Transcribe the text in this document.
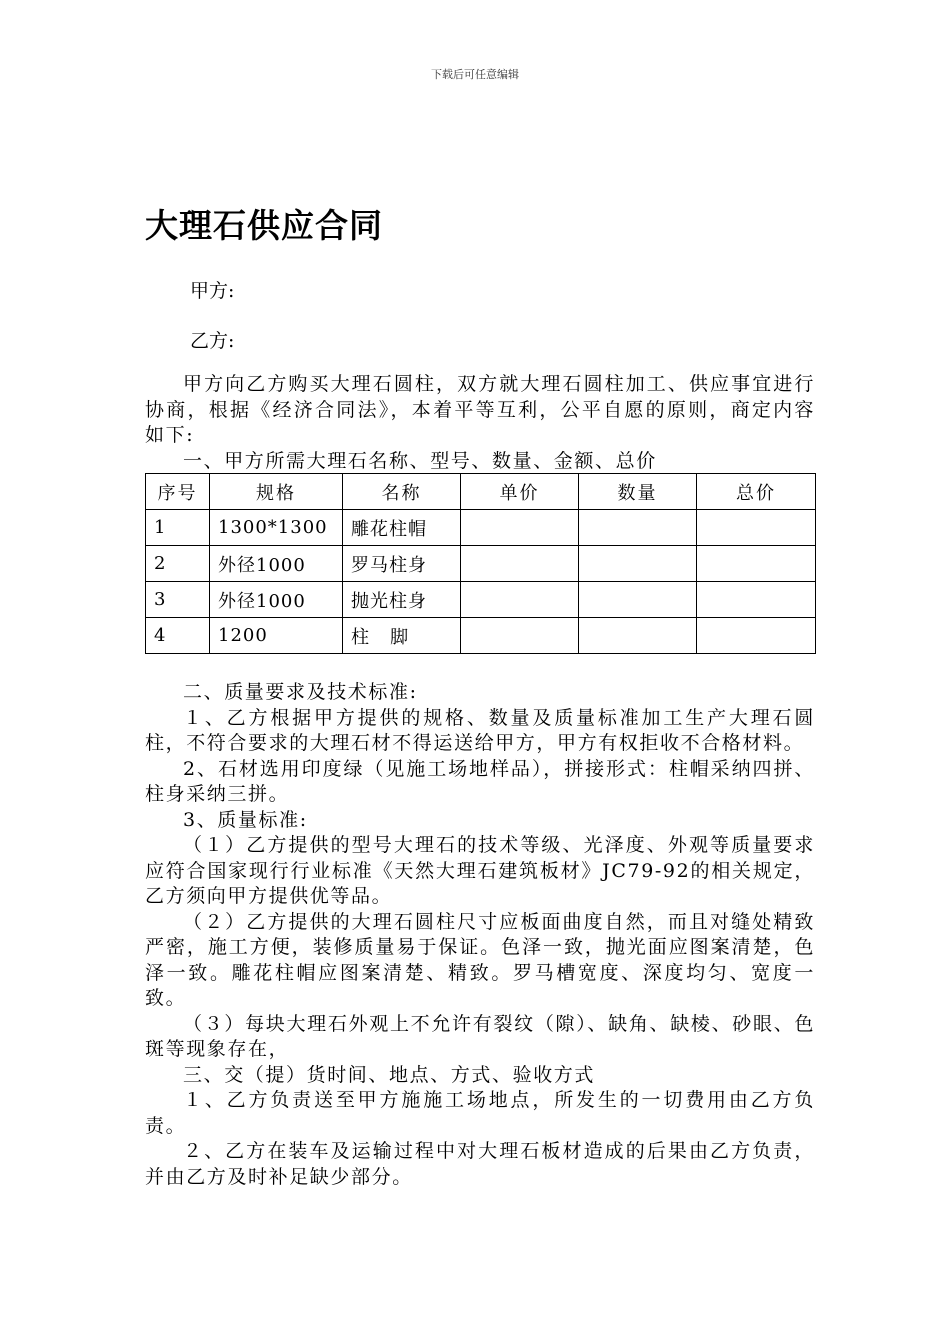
下载后可任意编辑
大理石供应合同
甲方:
乙方:

甲方向乙方购买大理石圆柱，双方就大理石圆柱加工、供应事宜进行协商，根据《经济合同法》，本着平等互利，公平自愿的原则，商定内容如下:

一、甲方所需大理石名称、型号、数量、金额、总价

序号	规格	名称	单价	数量	总价
1	1300*1300	雕花柱帽			
2	外径1000	罗马柱身			
3	外径1000	抛光柱身			
4	1200	柱   脚			

二、质量要求及技术标准:

１、乙方根据甲方提供的规格、数量及质量标准加工生产大理石圆柱，不符合要求的大理石材不得运送给甲方，甲方有权拒收不合格材料。

2、石材选用印度绿（见施工场地样品），拼接形式：柱帽采纳四拼、柱身采纳三拼。

3、质量标准:

（１）乙方提供的型号大理石的技术等级、光泽度、外观等质量要求应符合国家现行行业标准《天然大理石建筑板材》JC79-92的相关规定，乙方须向甲方提供优等品。

（２）乙方提供的大理石圆柱尺寸应板面曲度自然，而且对缝处精致严密，施工方便，装修质量易于保证。色泽一致，抛光面应图案清楚，色泽一致。雕花柱帽应图案清楚、精致。罗马槽宽度、深度均匀、宽度一致。

（３）每块大理石外观上不允许有裂纹（隙）、缺角、缺棱、砂眼、色斑等现象存在，

三、交（提）货时间、地点、方式、验收方式

１、乙方负责送至甲方施施工场地点，所发生的一切费用由乙方负责。

２、乙方在装车及运输过程中对大理石板材造成的后果由乙方负责，并由乙方及时补足缺少部分。
